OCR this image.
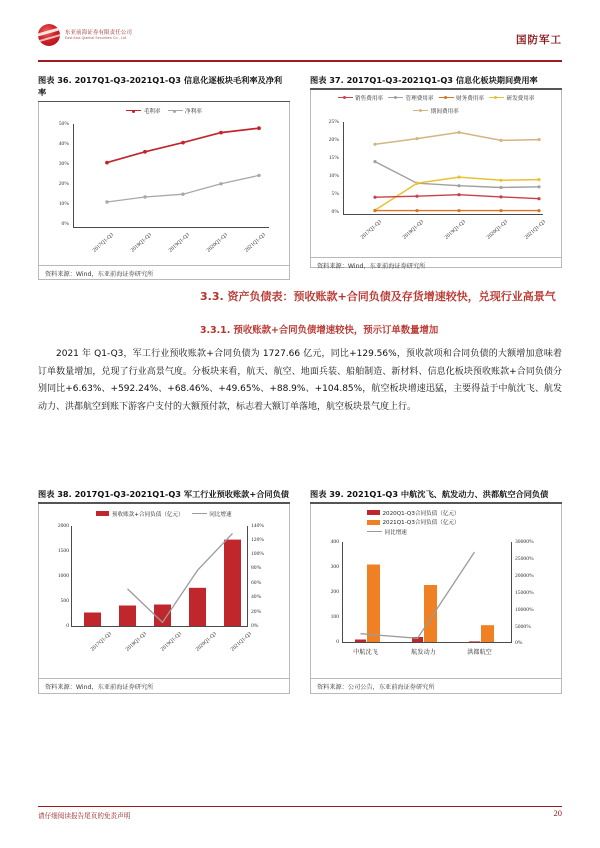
东亚前海证券有限责任公司
East Asia Qianhai Securities Co., Ltd.	国防军工
图表 36. 2017Q1-Q3-2021Q1-Q3 信息化逐板块毛利率及净利率
毛利率	净利率
50%
40%
30%
20%
10%
0%
2017Q1-Q3	2018Q1-Q3	2019Q1-Q3	2020Q1-Q3	2021Q1-Q3
资料来源：Wind，东亚前海证券研究所
图表 37. 2017Q1-Q3-2021Q1-Q3 信息化板块期间费用率
销售费用率	管理费用率	财务费用率	研发费用率
期间费用率
25%
20%
15%
10%
5%
0%
2017Q1-Q3	2018Q1-Q3	2019Q1-Q3	2020Q1-Q3	2021Q1-Q3
资料来源：Wind，东亚前海证券研究所
3.3. 资产负债表：预收账款+合同负债及存货增速较快，兑现行业高景气
3.3.1. 预收账款+合同负债增速较快，预示订单数量增加
2021 年 Q1-Q3，军工行业预收账款+合同负债为 1727.66 亿元，同比+129.56%，预收款项和合同负债的大额增加意味着订单数量增加，兑现了行业高景气度。分板块来看，航天、航空、地面兵装、船舶制造、新材料、信息化板块预收账款+合同负债分别同比+6.63%、+592.24%、+68.46%、+49.65%、+88.9%、+104.85%，航空板块增速迅猛，主要得益于中航沈飞、航发动力、洪都航空到账下游客户支付的大额预付款，标志着大额订单落地，航空板块景气度上行。
图表 38. 2017Q1-Q3-2021Q1-Q3 军工行业预收账款+合同负债
预收账款+合同负债（亿元）	同比增速
2000
1500
1000
500
0
140%
120%
100%
80%
60%
40%
20%
0%
2017Q1-Q3	2018Q1-Q3	2019Q1-Q3	2020Q1-Q3	2021Q1-Q3
资料来源：Wind，东亚前海证券研究所
图表 39. 2021Q1-Q3 中航沈飞、航发动力、洪都航空合同负债
2020Q1-Q3合同负债（亿元）
2021Q1-Q3合同负债（亿元）
同比增速
400
300
200
100
0
30000%
25000%
20000%
15000%
10000%
5000%
0%
中航沈飞	航发动力	洪都航空
资料来源：公司公告，东亚前海证券研究所
请仔细阅读报告尾页的免责声明	20
